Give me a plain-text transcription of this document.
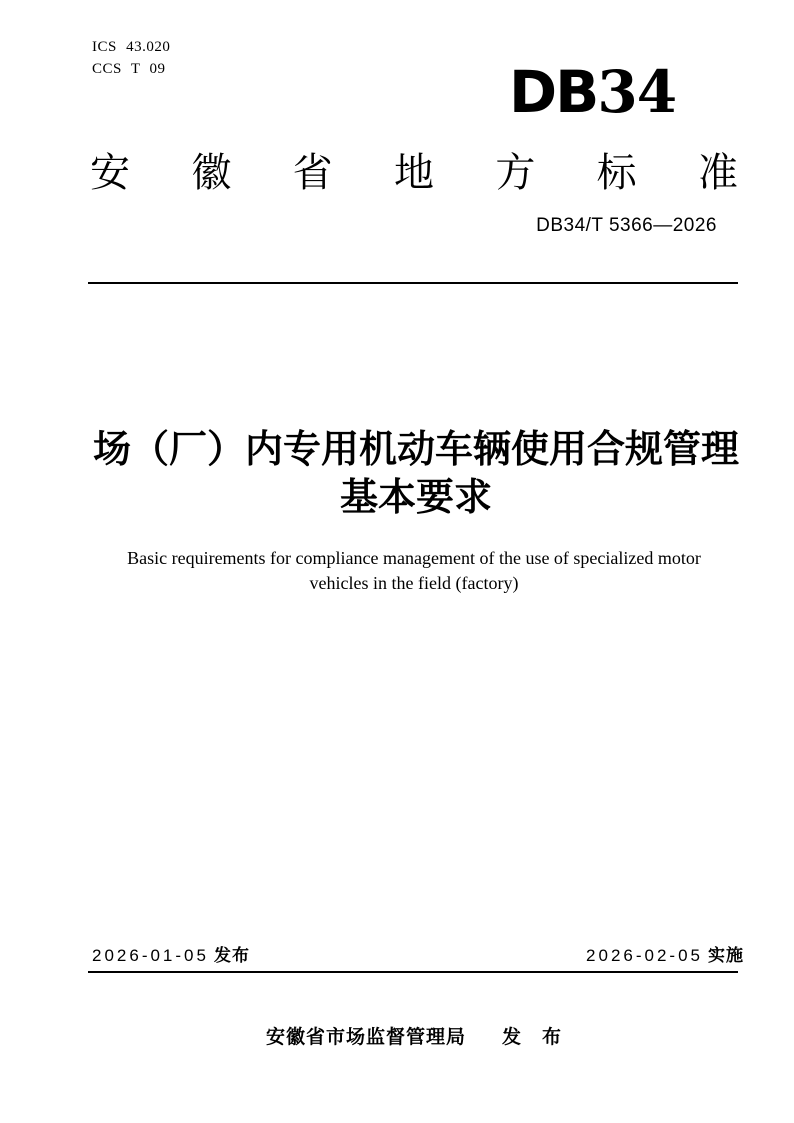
ICS 43.020
CCS T 09	DB34
安徽省地方标准
DB34/T 5366—2026
场（厂）内专用机动车辆使用合规管理
基本要求
Basic requirements for compliance management of the use of specialized motor
vehicles in the field (factory)
2026-01-05 发布	2026-02-05 实施
安徽省市场监督管理局 发　布
